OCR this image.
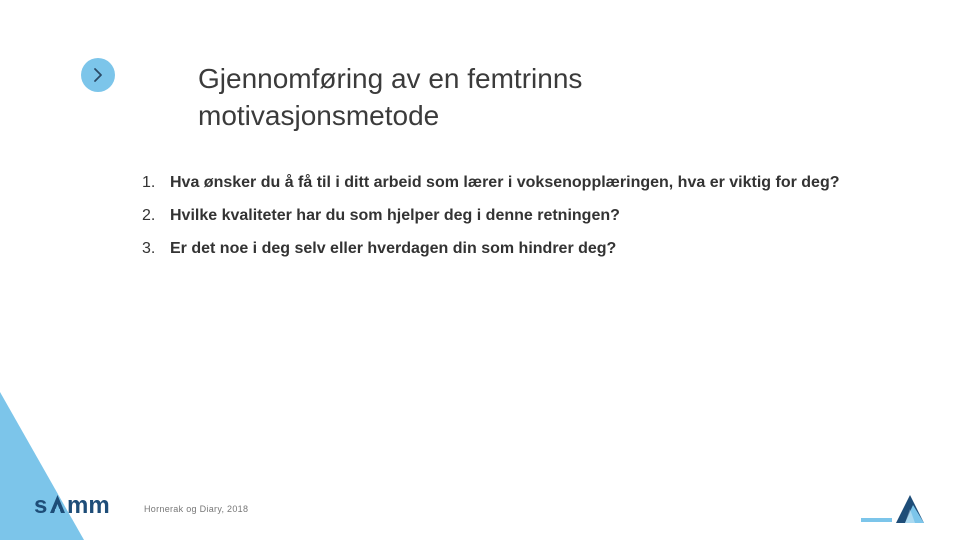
Gjennomføring av en femtrinns motivasjonsmetode
1. Hva ønsker du å få til i ditt arbeid som lærer i voksenopplæringen, hva er viktig for deg?
2. Hvilke kvaliteter har du som hjelper deg i denne retningen?
3. Er det noe i deg selv eller hverdagen din som hindrer deg?
s mm	Hornerak og Diary, 2018
